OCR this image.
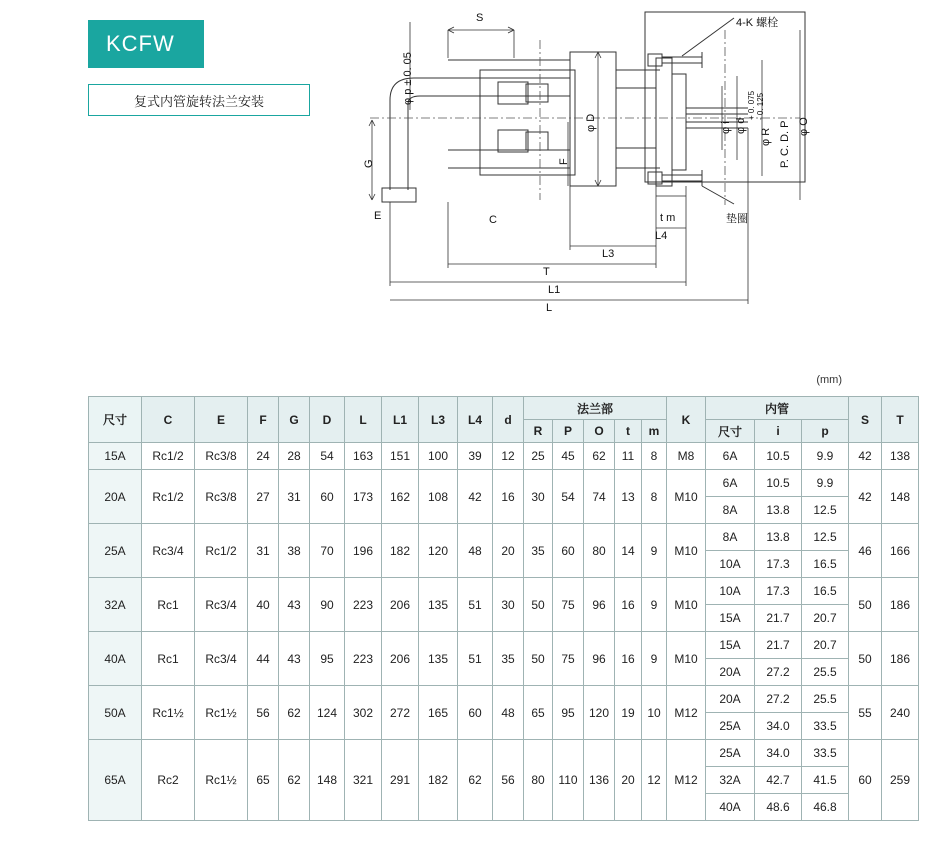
KCFW
复式内管旋转法兰安装	φ p ± 0. 05
S	4-K 螺栓
φ D
G	F
E	C
φ i φ d
φ R P. C. D. P φ O
+ 0. 075 - 0. 125
t m	垫圈
L4
L3
T
L1
L
(mm)
尺寸	C	E	F	G	D	L	L1	L3	L4	d	法兰部					K	内管			S	T
											R	P	O	t	m		尺寸	i	p		
15A	Rc1/2	Rc3/8	24	28	54	163	151	100	39	12	25	45	62	11	8	M8	6A	10.5	9.9	42	138
20A	Rc1/2	Rc3/8	27	31	60	173	162	108	42	16	30	54	74	13	8	M10	6A	10.5	9.9	42	148
																	8A	13.8	12.5		
25A	Rc3/4	Rc1/2	31	38	70	196	182	120	48	20	35	60	80	14	9	M10	8A	13.8	12.5	46	166
																	10A	17.3	16.5		
32A	Rc1	Rc3/4	40	43	90	223	206	135	51	30	50	75	96	16	9	M10	10A	17.3	16.5	50	186
																	15A	21.7	20.7		
40A	Rc1	Rc3/4	44	43	95	223	206	135	51	35	50	75	96	16	9	M10	15A	21.7	20.7	50	186
																	20A	27.2	25.5		
50A	Rc1½	Rc1½	56	62	124	302	272	165	60	48	65	95	120	19	10	M12	20A	27.2	25.5	55	240
																	25A	34.0	33.5		
65A	Rc2	Rc1½	65	62	148	321	291	182	62	56	80	110	136	20	12	M12	25A	34.0	33.5	60	259
																	32A	42.7	41.5		
																	40A	48.6	46.8		
